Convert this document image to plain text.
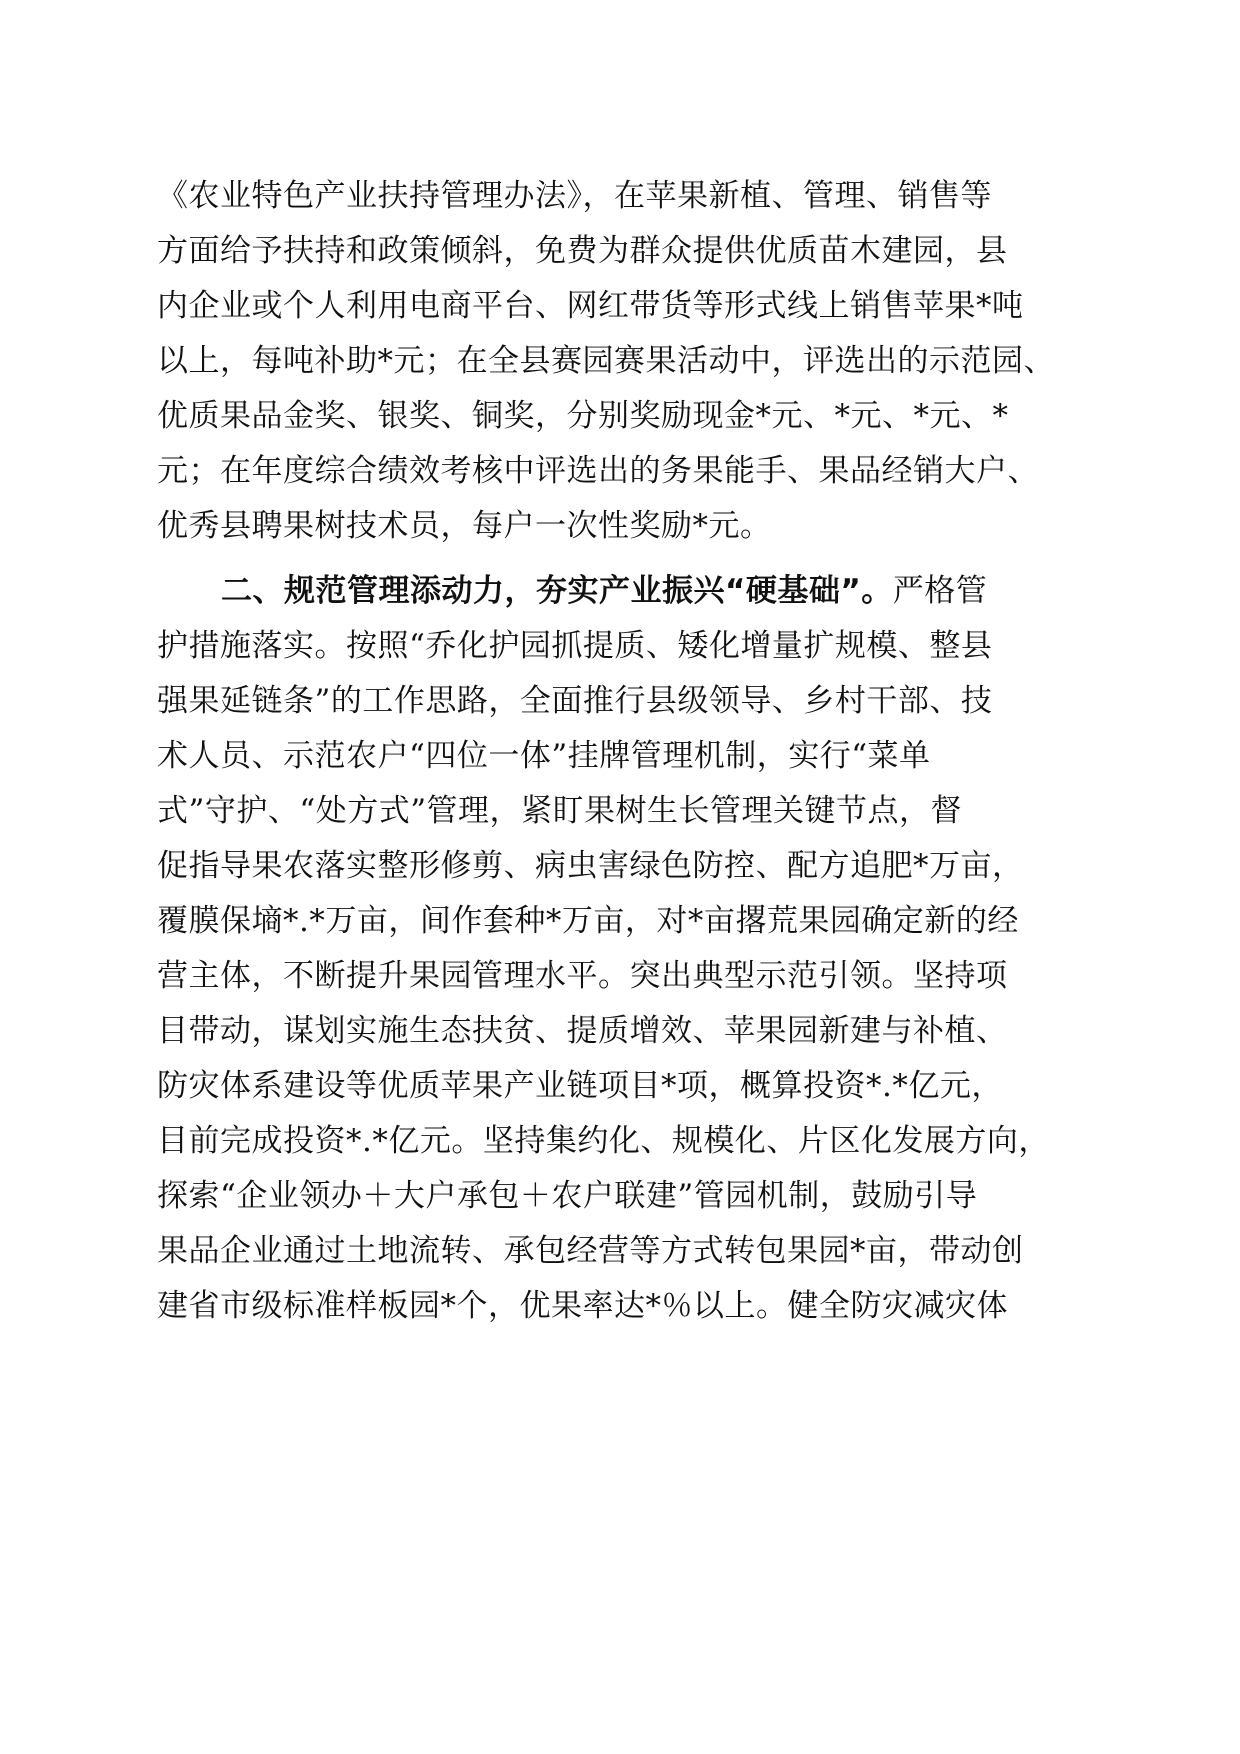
《农业特色产业扶持管理办法》，在苹果新植、管理、销售等
方面给予扶持和政策倾斜，免费为群众提供优质苗木建园，县
内企业或个人利用电商平台、网红带货等形式线上销售苹果*吨
以上，每吨补助*元；在全县赛园赛果活动中，评选出的示范园、
优质果品金奖、银奖、铜奖，分别奖励现金*元、*元、*元、*
元；在年度综合绩效考核中评选出的务果能手、果品经销大户、
优秀县聘果树技术员，每户一次性奖励*元。
二、规范管理添动力，夯实产业振兴“硬基础”。严格管
护措施落实。按照“乔化护园抓提质、矮化增量扩规模、整县
强果延链条”的工作思路，全面推行县级领导、乡村干部、技
术人员、示范农户“四位一体”挂牌管理机制，实行“菜单
式”守护、“处方式”管理，紧盯果树生长管理关键节点，督
促指导果农落实整形修剪、病虫害绿色防控、配方追肥*万亩，
覆膜保墒*.*万亩，间作套种*万亩，对*亩撂荒果园确定新的经
营主体，不断提升果园管理水平。突出典型示范引领。坚持项
目带动，谋划实施生态扶贫、提质增效、苹果园新建与补植、
防灾体系建设等优质苹果产业链项目*项，概算投资*.*亿元，
目前完成投资*.*亿元。坚持集约化、规模化、片区化发展方向，
探索“企业领办＋大户承包＋农户联建”管园机制，鼓励引导
果品企业通过土地流转、承包经营等方式转包果园*亩，带动创
建省市级标准样板园*个，优果率达*％以上。健全防灾减灾体
